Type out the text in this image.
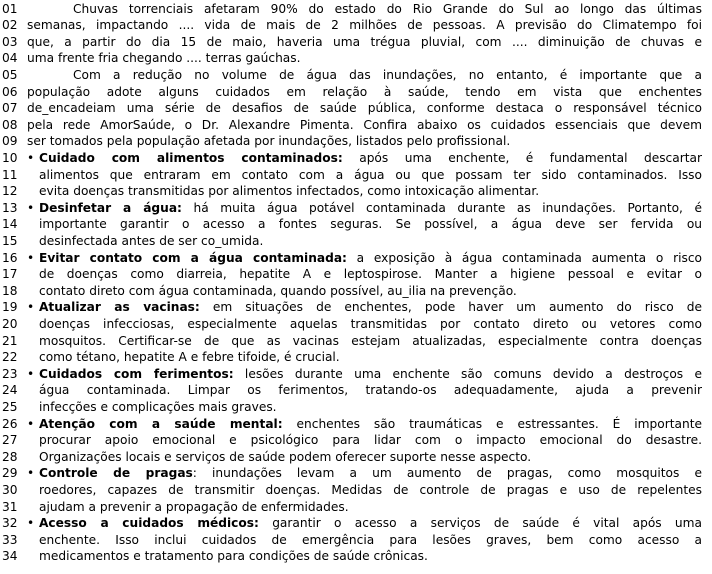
01	Chuvas torrenciais afetaram 90% do estado do Rio Grande do Sul ao longo das últimas
02 semanas, impactando .... vida de mais de 2 milhões de pessoas. A previsão do Climatempo foi
03 que, a partir do dia 15 de maio, haveria uma trégua pluvial, com .... diminuição de chuvas e
04 uma frente fria chegando .... terras gaúchas.
05	Com a redução no volume de água das inundações, no entanto, é importante que a
06 população adote alguns cuidados em relação à saúde, tendo em vista que enchentes
07 de_encadeiam uma série de desafios de saúde pública, conforme destaca o responsável técnico
08 pela rede AmorSaúde, o Dr. Alexandre Pimenta. Confira abaixo os cuidados essenciais que devem
09 ser tomados pela população afetada por inundações, listados pelo profissional.
10 • Cuidado com alimentos contaminados: após uma enchente, é fundamental descartar
11	alimentos que entraram em contato com a água ou que possam ter sido contaminados. Isso
12	evita doenças transmitidas por alimentos infectados, como intoxicação alimentar.
13 • Desinfetar a água: há muita água potável contaminada durante as inundações. Portanto, é
14	importante garantir o acesso a fontes seguras. Se possível, a água deve ser fervida ou
15	desinfectada antes de ser co_umida.
16 • Evitar contato com a água contaminada: a exposição à água contaminada aumenta o risco
17	de doenças como diarreia, hepatite A e leptospirose. Manter a higiene pessoal e evitar o
18	contato direto com água contaminada, quando possível, au_ilia na prevenção.
19 • Atualizar as vacinas: em situações de enchentes, pode haver um aumento do risco de
20	doenças infecciosas, especialmente aquelas transmitidas por contato direto ou vetores como
21	mosquitos. Certificar-se de que as vacinas estejam atualizadas, especialmente contra doenças
22	como tétano, hepatite A e febre tifoide, é crucial.
23 • Cuidados com ferimentos: lesões durante uma enchente são comuns devido a destroços e
24	água contaminada. Limpar os ferimentos, tratando-os adequadamente, ajuda a prevenir
25	infecções e complicações mais graves.
26 • Atenção com a saúde mental: enchentes são traumáticas e estressantes. É importante
27	procurar apoio emocional e psicológico para lidar com o impacto emocional do desastre.
28	Organizações locais e serviços de saúde podem oferecer suporte nesse aspecto.
29 • Controle de pragas: inundações levam a um aumento de pragas, como mosquitos e
30	roedores, capazes de transmitir doenças. Medidas de controle de pragas e uso de repelentes
31	ajudam a prevenir a propagação de enfermidades.
32 • Acesso a cuidados médicos: garantir o acesso a serviços de saúde é vital após uma
33	enchente. Isso inclui cuidados de emergência para lesões graves, bem como acesso a
34	medicamentos e tratamento para condições de saúde crônicas.
